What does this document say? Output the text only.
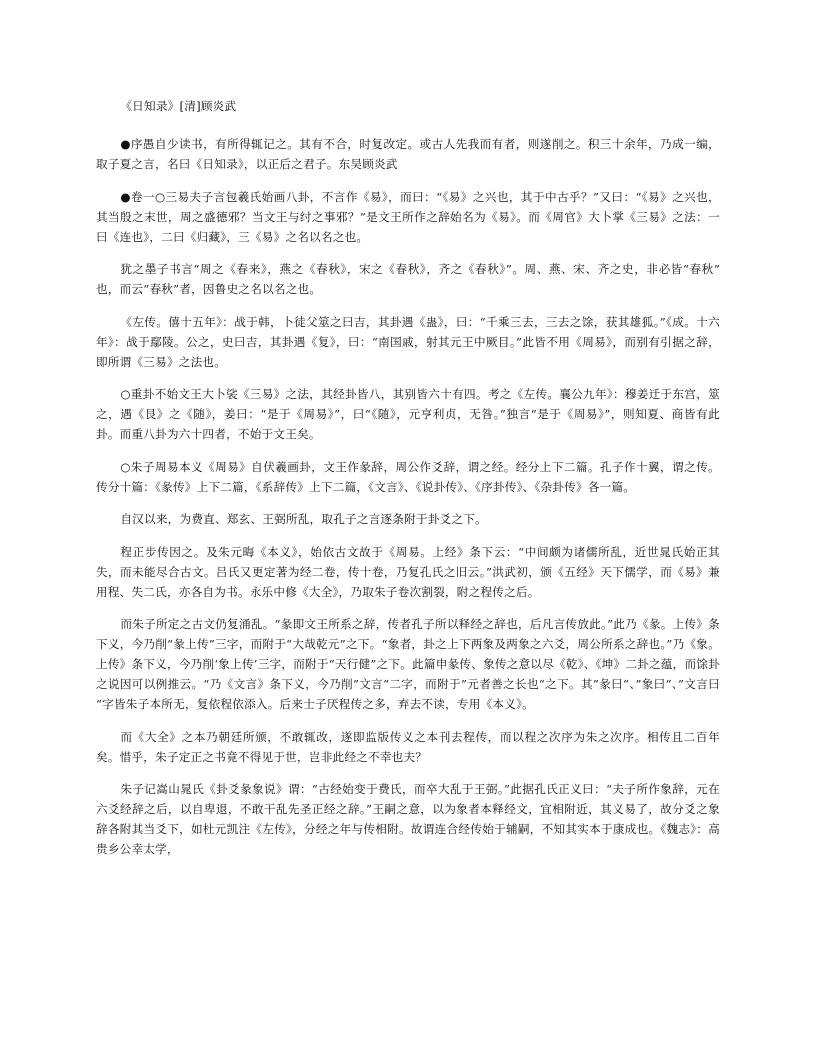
《日知录》[清]顾炎武

●序愚自少读书，有所得辄记之。其有不合，时复改定。或古人先我而有者，则遂削之。积三十余年，乃成一编，取子夏之言，名曰《日知录》，以正后之君子。东吴顾炎武

●卷一○三易夫子言包羲氏始画八卦，不言作《易》，而曰：“《易》之兴也，其于中古乎？”又曰：“《易》之兴也，其当殷之末世，周之盛德邪？当文王与纣之事邪？”是文王所作之辞始名为《易》。而《周官》大卜掌《三易》之法：一曰《连也》，二曰《归藏》，三《易》之名以名之也。

犹之墨子书言“周之《春来》，燕之《春秋》，宋之《春秋》，齐之《春秋》”。周、燕、宋、齐之史，非必皆“春秋”也，而云“春秋”者，因鲁史之名以名之也。

《左传。僖十五年》：战于韩，卜徒父筮之曰吉，其卦遇《蛊》，曰：“千乘三去，三去之馀，获其雄狐。”《成。十六年》：战于鄢陵。公之，史曰吉，其卦遇《复》，曰：“南国戚，射其元王中厥目。”此皆不用《周易》，而别有引据之辞，即所谓《三易》之法也。

○重卦不始文王大卜裟《三易》之法，其经卦皆八，其别皆六十有四。考之《左传。襄公九年》：穆姜迁于东宫，筮之，遇《艮》之《随》，姜曰：“是于《周易》”，曰“《随》，元亨利贞，无咎。”独言“是于《周易》”，则知夏、商皆有此卦。而重八卦为六十四者，不始于文王矣。

○朱子周易本义《周易》自伏羲画卦，文王作彖辞，周公作爻辞，谓之经。经分上下二篇。孔子作十翼，谓之传。传分十篇：《彖传》上下二篇，《系辞传》上下二篇，《文言》、《说卦传》、《序卦传》、《杂卦传》各一篇。

自汉以来，为费直、郑玄、王弼所乱，取孔子之言逐条附于卦爻之下。

程正步传因之。及朱元晦《本义》，始依古文故于《周易。上经》条下云：“中间颇为诸儒所乱，近世晁氏始正其失，而未能尽合古文。吕氏又更定著为经二卷，传十卷，乃复孔氏之旧云。”洪武初，颁《五经》天下儒学，而《易》兼用程、失二氏，亦各自为书。永乐中修《大全》，乃取朱子卷次割裂，附之程传之后。

而朱子所定之古文仍复涌乱。“彖即文王所系之辞，传者孔子所以释经之辞也，后凡言传放此。”此乃《彖。上传》条下义，今乃削“彖上传”三字，而附于“大哉乾元”之下。“象者，卦之上下两象及两象之六爻，周公所系之辞也。”乃《象。上传》条下义，今乃削‘象上传’三字，而附于“天行健”之下。此篇申彖传、象传之意以尽《乾》、《坤》二卦之蕴，而馀卦之说因可以例推云。“乃《文言》条下义，今乃削”文言“二字，而附于”元者善之长也“之下。其”彖曰“、”象曰“、”文言曰“字皆朱子本所无，复依程依添入。后来士子厌程传之多，弃去不读，专用《本义》。

而《大全》之本乃朝廷所颁，不敢辄改，遂即监版传义之本刊去程传，而以程之次序为朱之次序。相传且二百年矣。惜乎，朱子定正之书竟不得见于世，岂非此经之不幸也夫？

朱子记嵩山晁氏《卦爻彖象说》谓：“古经始变于费氏，而卒大乱于王弼。”此据孔氏正义曰：“夫子所作象辞，元在六爻经辞之后，以自卑退，不敢干乱先圣正经之辞。”王嗣之意，以为象者本释经文，宜相附近，其义易了，故分爻之象辞各附其当爻下，如杜元凯注《左传》，分经之年与传相附。故谓连合经传始于辅嗣，不知其实本于康成也。《魏志》：高贵乡公幸太学，
